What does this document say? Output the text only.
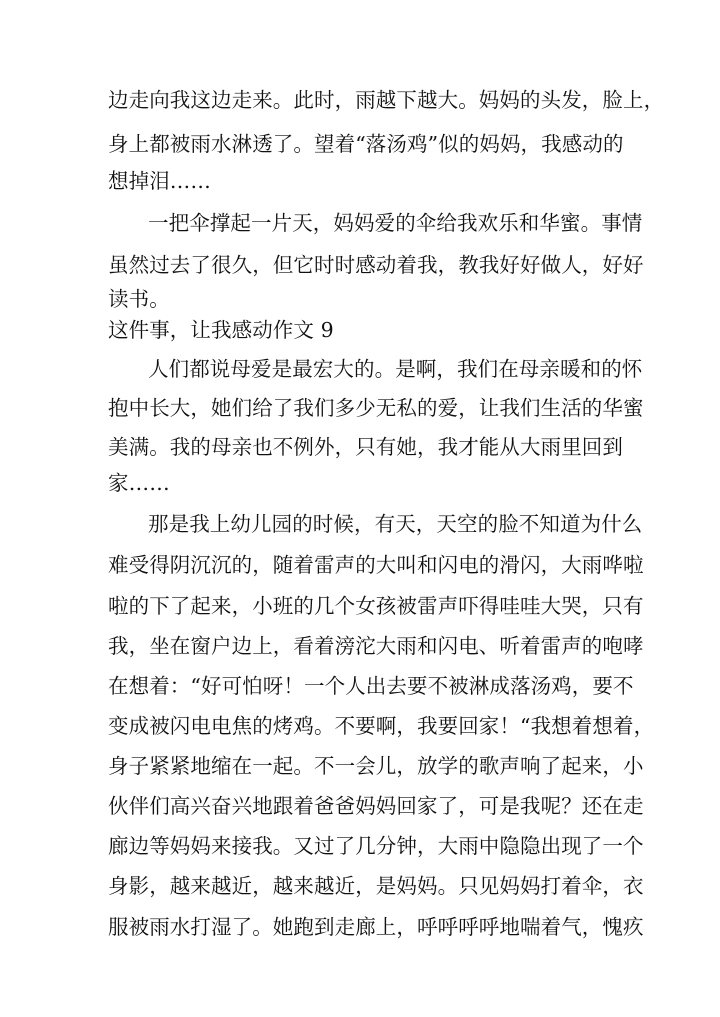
边走向我这边走来。此时，雨越下越大。妈妈的头发，脸上，
身上都被雨水淋透了。望着“落汤鸡”似的妈妈，我感动的
想掉泪……
一把伞撑起一片天，妈妈爱的伞给我欢乐和华蜜。事情
虽然过去了很久，但它时时感动着我，教我好好做人，好好
读书。
这件事，让我感动作文 9
人们都说母爱是最宏大的。是啊，我们在母亲暖和的怀
抱中长大，她们给了我们多少无私的爱，让我们生活的华蜜
美满。我的母亲也不例外，只有她，我才能从大雨里回到
家……
那是我上幼儿园的时候，有天，天空的脸不知道为什么
难受得阴沉沉的，随着雷声的大叫和闪电的滑闪，大雨哗啦
啦的下了起来，小班的几个女孩被雷声吓得哇哇大哭，只有
我，坐在窗户边上，看着滂沱大雨和闪电、听着雷声的咆哮
在想着：“好可怕呀！一个人出去要不被淋成落汤鸡，要不
变成被闪电电焦的烤鸡。不要啊，我要回家！“我想着想着，
身子紧紧地缩在一起。不一会儿，放学的歌声响了起来，小
伙伴们高兴奋兴地跟着爸爸妈妈回家了，可是我呢？还在走
廊边等妈妈来接我。又过了几分钟，大雨中隐隐出现了一个
身影，越来越近，越来越近，是妈妈。只见妈妈打着伞，衣
服被雨水打湿了。她跑到走廊上，呼呼呼呼地喘着气，愧疚
